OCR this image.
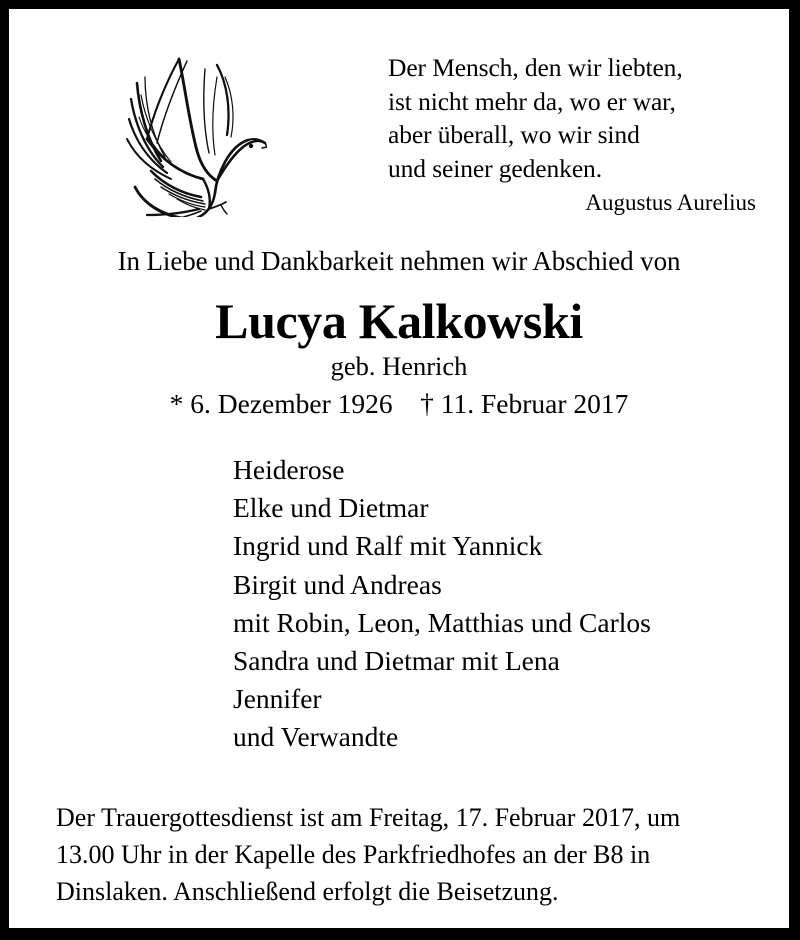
Der Mensch, den wir liebten,
ist nicht mehr da, wo er war,
aber überall, wo wir sind
und seiner gedenken.
Augustus Aurelius
In Liebe und Dankbarkeit nehmen wir Abschied von
Lucya Kalkowski
geb. Henrich
* 6. Dezember 1926    † 11. Februar 2017
Heiderose
Elke und Dietmar
Ingrid und Ralf mit Yannick
Birgit und Andreas
mit Robin, Leon, Matthias und Carlos
Sandra und Dietmar mit Lena
Jennifer
und Verwandte
Der Trauergottesdienst ist am Freitag, 17. Februar 2017, um
13.00 Uhr in der Kapelle des Parkfriedhofes an der B8 in
Dinslaken. Anschließend erfolgt die Beisetzung.
